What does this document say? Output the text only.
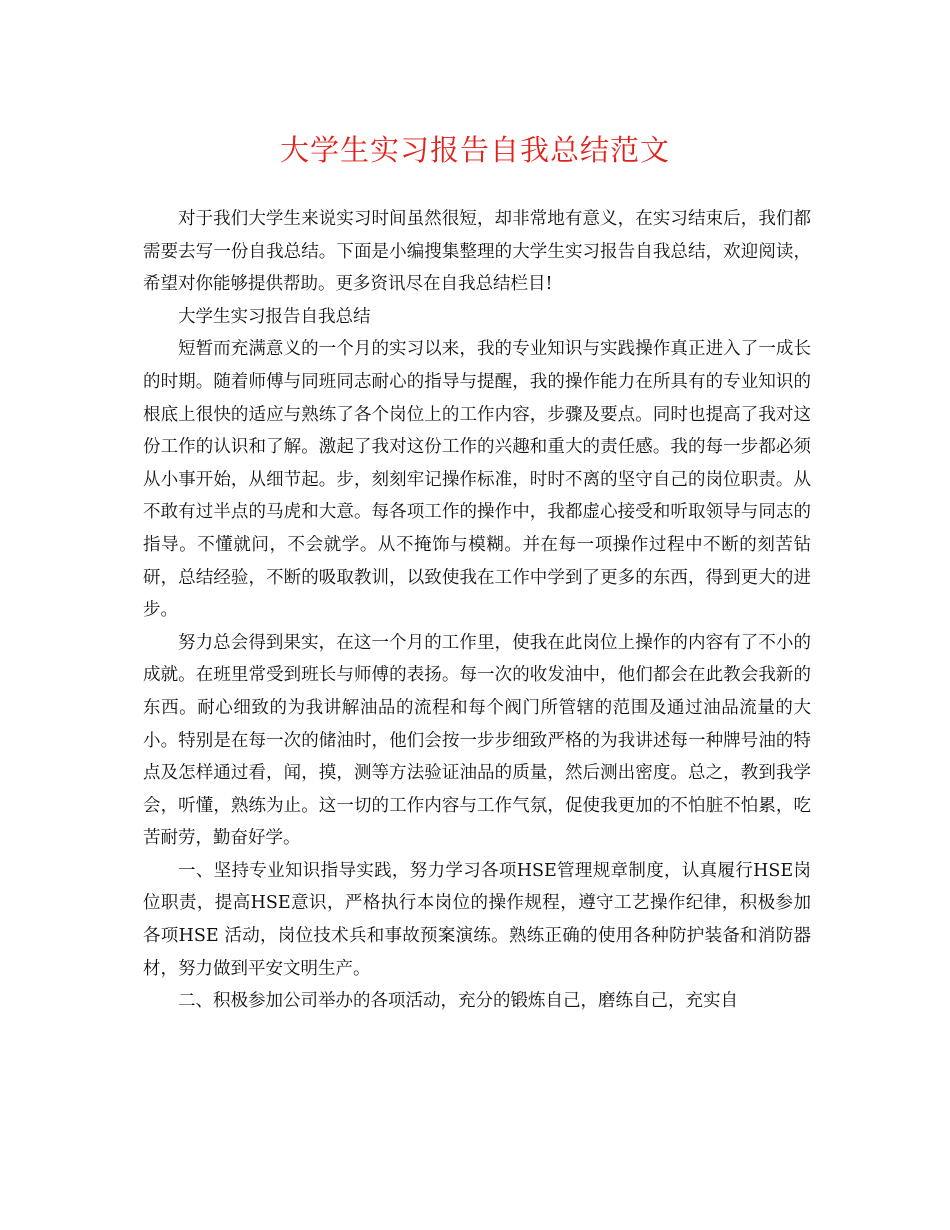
大学生实习报告自我总结范文

对于我们大学生来说实习时间虽然很短，却非常地有意义，在实习结束后，我们都需要去写一份自我总结。下面是小编搜集整理的大学生实习报告自我总结，欢迎阅读，希望对你能够提供帮助。更多资讯尽在自我总结栏目!

大学生实习报告自我总结

短暂而充满意义的一个月的实习以来，我的专业知识与实践操作真正进入了一成长的时期。随着师傅与同班同志耐心的指导与提醒，我的操作能力在所具有的专业知识的根底上很快的适应与熟练了各个岗位上的工作内容，步骤及要点。同时也提高了我对这份工作的认识和了解。激起了我对这份工作的兴趣和重大的责任感。我的每一步都必须从小事开始，从细节起。步，刻刻牢记操作标准，时时不离的坚守自己的岗位职责。从不敢有过半点的马虎和大意。每各项工作的操作中，我都虚心接受和听取领导与同志的指导。不懂就问，不会就学。从不掩饰与模糊。并在每一项操作过程中不断的刻苦钻研，总结经验，不断的吸取教训，以致使我在工作中学到了更多的东西，得到更大的进步。

努力总会得到果实，在这一个月的工作里，使我在此岗位上操作的内容有了不小的成就。在班里常受到班长与师傅的表扬。每一次的收发油中，他们都会在此教会我新的东西。耐心细致的为我讲解油品的流程和每个阀门所管辖的范围及通过油品流量的大小。特别是在每一次的储油时，他们会按一步步细致严格的为我讲述每一种牌号油的特点及怎样通过看，闻，摸，测等方法验证油品的质量，然后测出密度。总之，教到我学会，听懂，熟练为止。这一切的工作内容与工作气氛，促使我更加的不怕脏不怕累，吃苦耐劳，勤奋好学。

一、坚持专业知识指导实践，努力学习各项HSE管理规章制度，认真履行HSE岗位职责，提高HSE意识，严格执行本岗位的操作规程，遵守工艺操作纪律，积极参加各项HSE 活动，岗位技术兵和事故预案演练。熟练正确的使用各种防护装备和消防器材，努力做到平安文明生产。

二、积极参加公司举办的各项活动，充分的锻炼自己，磨练自己，充实自
